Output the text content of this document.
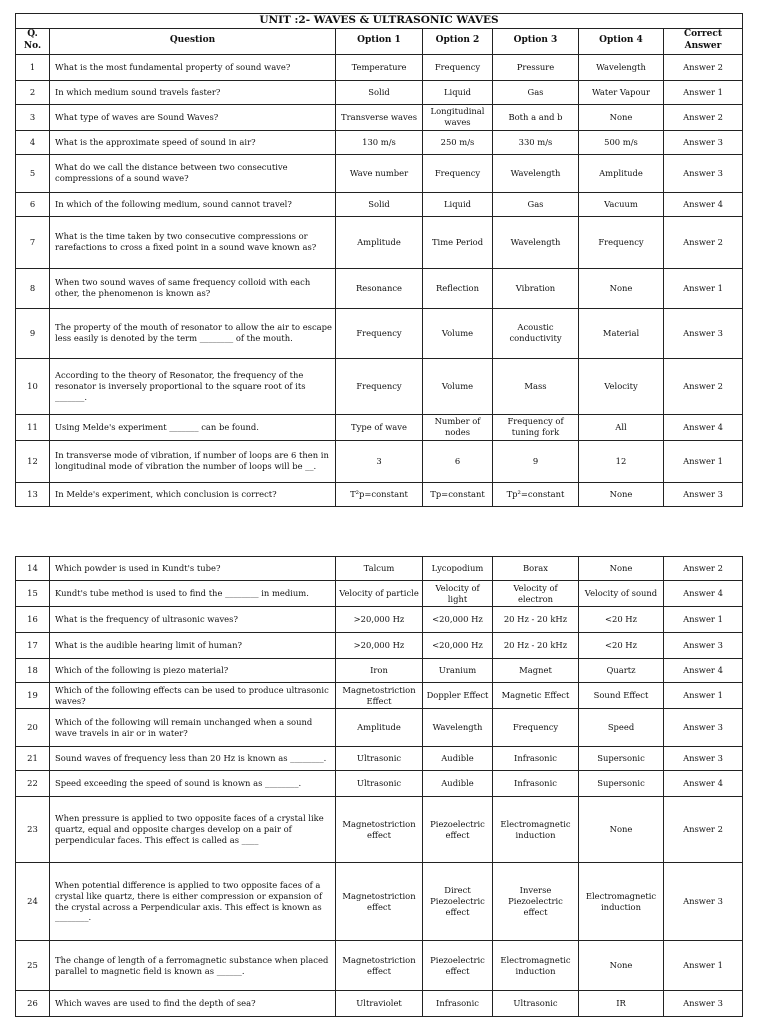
UNIT :2- WAVES & ULTRASONIC WAVES						
Q.
No.	Question	Option 1	Option 2	Option 3	Option 4	Correct Answer
1	What is the most fundamental property of sound wave?	Temperature	Frequency	Pressure	Wavelength	Answer 2
2	In which medium sound travels faster?	Solid	Liquid	Gas	Water Vapour	Answer 1
3	What type of waves are Sound Waves?	Transverse waves	Longitudinal waves	Both a and b	None	Answer 2
4	What is the approximate speed of sound in air?	130 m/s	250 m/s	330 m/s	500 m/s	Answer 3
5	What do we call the distance between two consecutive compressions of a sound wave?	Wave number	Frequency	Wavelength	Amplitude	Answer 3
6	In which of the following medium, sound cannot travel?	Solid	Liquid	Gas	Vacuum	Answer 4
7	What is the time taken by two consecutive compressions or rarefactions to cross a fixed point in a sound wave known as?	Amplitude	Time Period	Wavelength	Frequency	Answer 2
8	When two sound waves of same frequency colloid with each other, the phenomenon is known as?	Resonance	Reflection	Vibration	None	Answer 1
9	The property of the mouth of resonator to allow the air to escape less easily is denoted by the term ________ of the mouth.	Frequency	Volume	Acoustic conductivity	Material	Answer 3
10	According to the theory of Resonator, the frequency of the resonator is inversely proportional to the square root of its _______.	Frequency	Volume	Mass	Velocity	Answer 2
11	Using Melde's experiment _______ can be found.	Type of wave	Number of nodes	Frequency of tuning fork	All	Answer 4
12	In transverse mode of vibration, if number of loops are 6 then in longitudinal mode of vibration the number of loops will be __.	3	6	9	12	Answer 1
13	In Melde's experiment, which conclusion is correct?	T²p=constant	Tp=constant	Tp²=constant	None	Answer 3
14	Which powder is used in Kundt's tube?	Talcum	Lycopodium	Borax	None	Answer 2
15	Kundt's tube method is used to find the ________ in medium.	Velocity of particle	Velocity of light	Velocity of electron	Velocity of sound	Answer 4
16	What is the frequency of ultrasonic waves?	>20,000 Hz	<20,000 Hz	20 Hz - 20 kHz	<20 Hz	Answer 1
17	What is the audible hearing limit of human?	>20,000 Hz	<20,000 Hz	20 Hz - 20 kHz	<20 Hz	Answer 3
18	Which of the following is piezo material?	Iron	Uranium	Magnet	Quartz	Answer 4
19	Which of the following effects can be used to produce ultrasonic waves?	Magnetostriction Effect	Doppler Effect	Magnetic Effect	Sound Effect	Answer 1
20	Which of the following will remain unchanged when a sound wave travels in air or in water?	Amplitude	Wavelength	Frequency	Speed	Answer 3
21	Sound waves of frequency less than 20 Hz is known as ________.	Ultrasonic	Audible	Infrasonic	Supersonic	Answer 3
22	Speed exceeding the speed of sound is known as ________.	Ultrasonic	Audible	Infrasonic	Supersonic	Answer 4
23	When pressure is applied to two opposite faces of a crystal like quartz, equal and opposite charges develop on a pair of perpendicular faces. This effect is called as ____	Magnetostriction effect	Piezoelectric effect	Electromagnetic induction	None	Answer 2
24	When potential difference is applied to two opposite faces of a crystal like quartz, there is either compression or expansion of the crystal across a Perpendicular axis. This effect is known as ________.	Magnetostriction effect	Direct Piezoelectric effect	Inverse Piezoelectric effect	Electromagnetic induction	Answer 3
25	The change of length of a ferromagnetic substance when placed parallel to magnetic field is known as ______.	Magnetostriction effect	Piezoelectric effect	Electromagnetic induction	None	Answer 1
26	Which waves are used to find the depth of sea?	Ultraviolet	Infrasonic	Ultrasonic	IR	Answer 3
